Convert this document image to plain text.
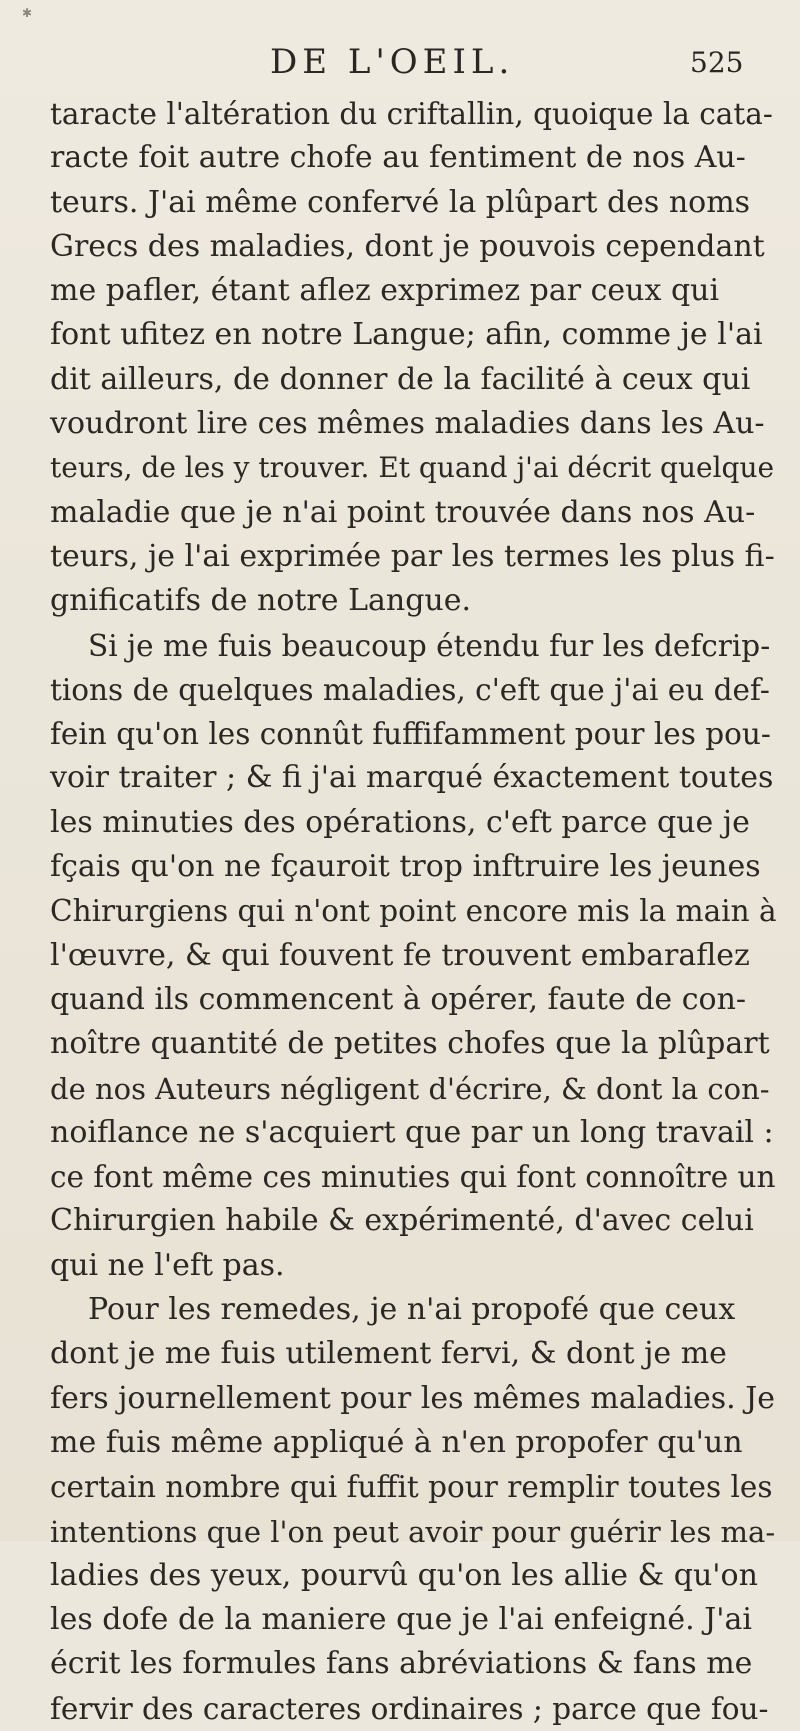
✱
DE L'OEIL.	525
taracte l'altération du criftallin, quoique la cata-
racte foit autre chofe au fentiment de nos Au-
teurs. J'ai même confervé la plûpart des noms
Grecs des maladies, dont je pouvois cependant
me pafler, étant aflez exprimez par ceux qui
font ufitez en notre Langue; afin, comme je l'ai
dit ailleurs, de donner de la facilité à ceux qui
voudront lire ces mêmes maladies dans les Au-
teurs, de les y trouver. Et quand j'ai décrit quelque
maladie que je n'ai point trouvée dans nos Au-
teurs, je l'ai exprimée par les termes les plus fi-
gnificatifs de notre Langue.
Si je me fuis beaucoup étendu fur les defcrip-
tions de quelques maladies, c'eft que j'ai eu def-
fein qu'on les connût fuffifamment pour les pou-
voir traiter ; & fi j'ai marqué éxactement toutes
les minuties des opérations, c'eft parce que je
fçais qu'on ne fçauroit trop inftruire les jeunes
Chirurgiens qui n'ont point encore mis la main à
l'œuvre, & qui fouvent fe trouvent embaraflez
quand ils commencent à opérer, faute de con-
noître quantité de petites chofes que la plûpart
de nos Auteurs négligent d'écrire, & dont la con-
noiflance ne s'acquiert que par un long travail :
ce font même ces minuties qui font connoître un
Chirurgien habile & expérimenté, d'avec celui
qui ne l'eft pas.
Pour les remedes, je n'ai propofé que ceux
dont je me fuis utilement fervi, & dont je me
fers journellement pour les mêmes maladies. Je
me fuis même appliqué à n'en propofer qu'un
certain nombre qui fuffit pour remplir toutes les
intentions que l'on peut avoir pour guérir les ma-
ladies des yeux, pourvû qu'on les allie & qu'on
les dofe de la maniere que je l'ai enfeigné. J'ai
écrit les formules fans abréviations & fans me
fervir des caracteres ordinaires ; parce que fou-
